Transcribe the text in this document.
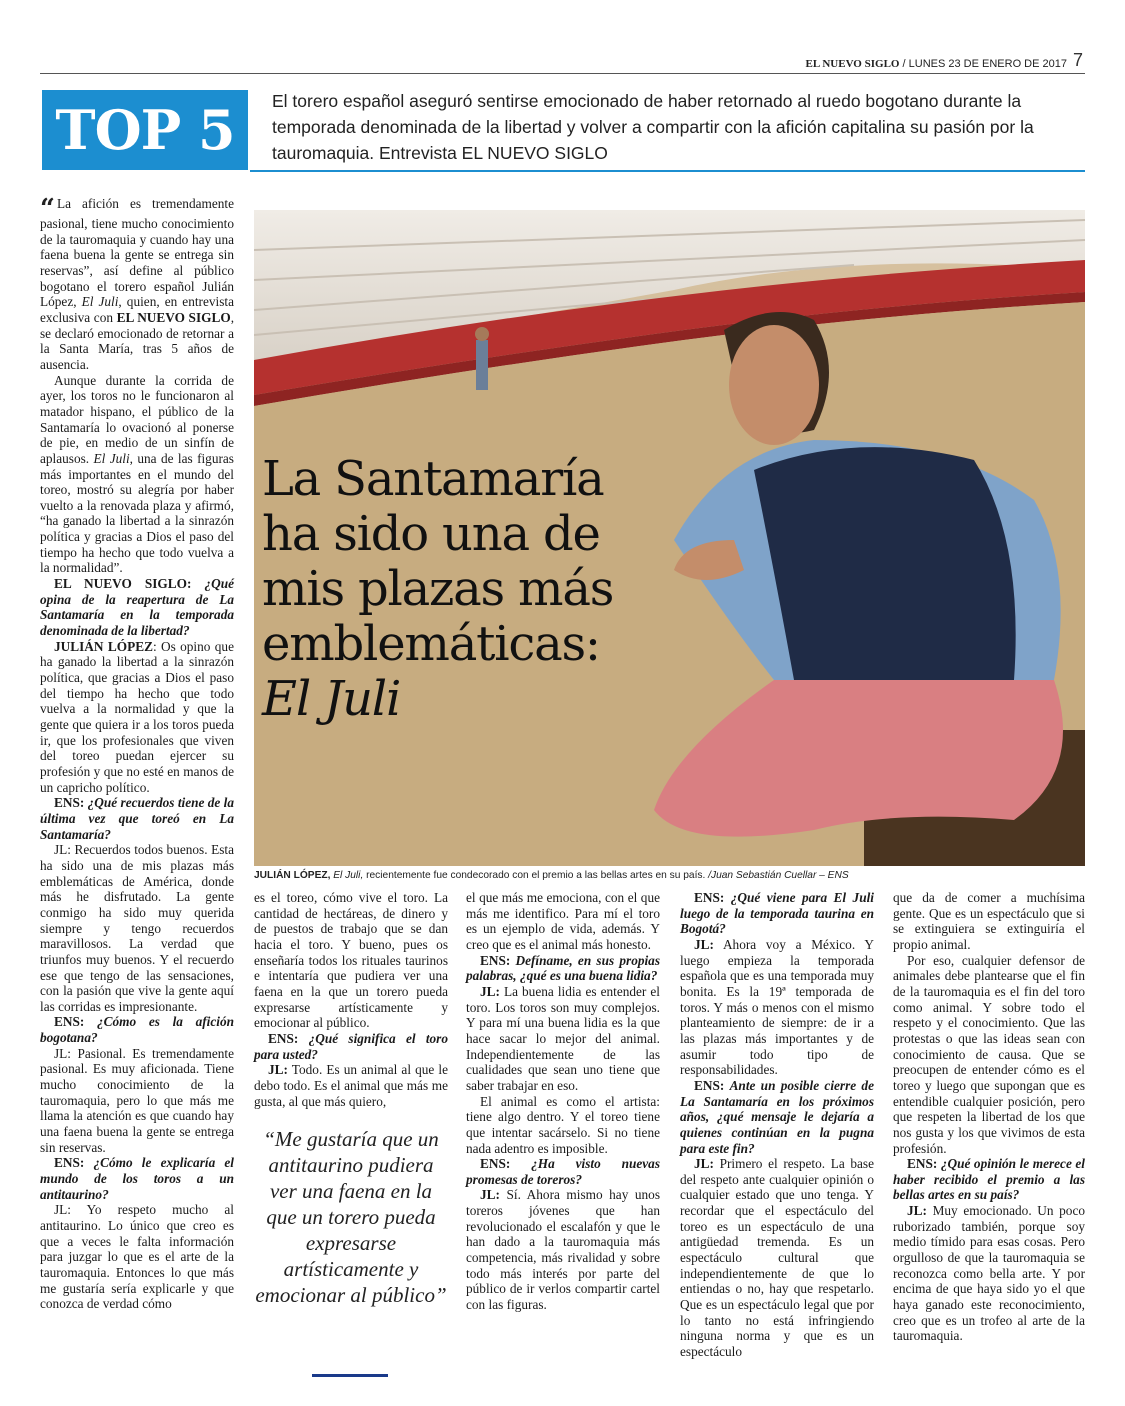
EL NUEVO SIGLO / LUNES 23 DE ENERO DE 2017 7
TOP 5	El torero español aseguró sentirse emocionado de haber retornado al ruedo bogotano durante la temporada denominada de la libertad y volver a compartir con la afición capitalina su pasión por la tauromaquia. Entrevista EL NUEVO SIGLO
La Santamaría
ha sido una de
mis plazas más
emblemáticas:
El Juli
JULIÁN LÓPEZ, El Juli, recientemente fue condecorado con el premio a las bellas artes en su país. /Juan Sebastián Cuellar – ENS

“ La afición es tremendamente pasional, tiene mucho conocimiento de la tauromaquia y cuando hay una faena buena la gente se entrega sin reservas”, así define al público bogotano el torero español Julián López, El Juli, quien, en entrevista exclusiva con EL NUEVO SIGLO, se declaró emocionado de retornar a la Santa María, tras 5 años de ausencia.

Aunque durante la corrida de ayer, los toros no le funcionaron al matador hispano, el público de la Santamaría lo ovacionó al ponerse de pie, en medio de un sinfín de aplausos. El Juli, una de las figuras más importantes en el mundo del toreo, mostró su alegría por haber vuelto a la renovada plaza y afirmó, “ha ganado la libertad a la sinrazón política y gracias a Dios el paso del tiempo ha hecho que todo vuelva a la normalidad”.

EL NUEVO SIGLO: ¿Qué opina de la reapertura de La Santamaría en la temporada denominada de la libertad?

JULIÁN LÓPEZ: Os opino que ha ganado la libertad a la sinrazón política, que gracias a Dios el paso del tiempo ha hecho que todo vuelva a la normalidad y que la gente que quiera ir a los toros pueda ir, que los profesionales que viven del toreo puedan ejercer su profesión y que no esté en manos de un capricho político.

ENS: ¿Qué recuerdos tiene de la última vez que toreó en La Santamaría?

JL: Recuerdos todos buenos. Esta ha sido una de mis plazas más emblemáticas de América, donde más he disfrutado. La gente conmigo ha sido muy querida siempre y tengo recuerdos maravillosos. La verdad que triunfos muy buenos. Y el recuerdo ese que tengo de las sensaciones, con la pasión que vive la gente aquí las corridas es impresionante.

ENS: ¿Cómo es la afición bogotana?

JL: Pasional. Es tremendamente pasional. Es muy aficionada. Tiene mucho conocimiento de la tauromaquia, pero lo que más me llama la atención es que cuando hay una faena buena la gente se entrega sin reservas.

ENS: ¿Cómo le explicaría el mundo de los toros a un antitaurino?

JL: Yo respeto mucho al antitaurino. Lo único que creo es que a veces le falta información para juzgar lo que es el arte de la tauromaquia. Entonces lo que más me gustaría sería explicarle y que conozca de verdad cómo

es el toreo, cómo vive el toro. La cantidad de hectáreas, de dinero y de puestos de trabajo que se dan hacia el toro. Y bueno, pues os enseñaría todos los rituales taurinos e intentaría que pudiera ver una faena en la que un torero pueda expresarse artísticamente y emocionar al público.

ENS: ¿Qué significa el toro para usted?

JL: Todo. Es un animal al que le debo todo. Es el animal que más me gusta, al que más quiero,

“Me gustaría que un antitaurino pudiera ver una faena en la que un torero pueda expresarse artísticamente y emocionar al público”

el que más me emociona, con el que más me identifico. Para mí el toro es un ejemplo de vida, además. Y creo que es el animal más honesto.

ENS: Defíname, en sus propias palabras, ¿qué es una buena lidia?

JL: La buena lidia es entender el toro. Los toros son muy complejos. Y para mí una buena lidia es la que hace sacar lo mejor del animal. Independientemente de las cualidades que sean uno tiene que saber trabajar en eso.

El animal es como el artista: tiene algo dentro. Y el toreo tiene que intentar sacárselo. Si no tiene nada adentro es imposible.

ENS: ¿Ha visto nuevas promesas de toreros?

JL: Sí. Ahora mismo hay unos toreros jóvenes que han revolucionado el escalafón y que le han dado a la tauromaquia más competencia, más rivalidad y sobre todo más interés por parte del público de ir verlos compartir cartel con las figuras.

ENS: ¿Qué viene para El Juli luego de la temporada taurina en Bogotá?

JL: Ahora voy a México. Y luego empieza la temporada española que es una temporada muy bonita. Es la 19ª temporada de toros. Y más o menos con el mismo planteamiento de siempre: de ir a las plazas más importantes y de asumir todo tipo de responsabilidades.

ENS: Ante un posible cierre de La Santamaría en los próximos años, ¿qué mensaje le dejaría a quienes continúan en la pugna para este fin?

JL: Primero el respeto. La base del respeto ante cualquier opinión o cualquier estado que uno tenga. Y recordar que el espectáculo del toreo es un espectáculo de una antigüedad tremenda. Es un espectáculo cultural que independientemente de que lo entiendas o no, hay que respetarlo. Que es un espectáculo legal que por lo tanto no está infringiendo ninguna norma y que es un espectáculo

que da de comer a muchísima gente. Que es un espectáculo que si se extinguiera se extinguiría el propio animal.

Por eso, cualquier defensor de animales debe plantearse que el fin de la tauromaquia es el fin del toro como animal. Y sobre todo el respeto y el conocimiento. Que las protestas o que las ideas sean con conocimiento de causa. Que se preocupen de entender cómo es el toreo y luego que supongan que es entendible cualquier posición, pero que respeten la libertad de los que nos gusta y los que vivimos de esta profesión.

ENS: ¿Qué opinión le merece el haber recibido el premio a las bellas artes en su país?

JL: Muy emocionado. Un poco ruborizado también, porque soy medio tímido para esas cosas. Pero orgulloso de que la tauromaquia se reconozca como bella arte. Y por encima de que haya sido yo el que haya ganado este reconocimiento, creo que es un trofeo al arte de la tauromaquia.
